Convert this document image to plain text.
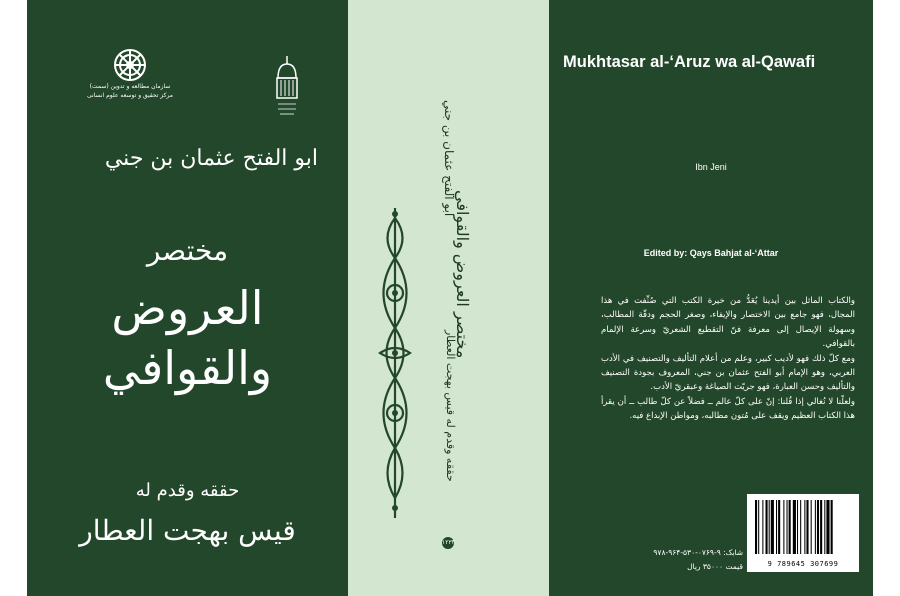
سازمان مطالعه و تدوین (سمت)
مرکز تحقیق و توسعه علوم انسانی
ابو الفتح عثمان بن جني
مختصر
العروض والقوافي
حققه وقدم له
قيس بهجت العطار
ابو الفتح عثمان بن جني
مختصر العروض والقوافي
حققه وقدم له قيس بهجت العطار
۱۲۳۴
Mukhtasar al-‘Aruz wa al-Qawafi
Ibn Jeni
Edited by: Qays Bahjat al-‘Attar

والكتاب الماثل بين أيدينا يُعَدُّ من خيرة الكتب التي صُنِّفت في هذا المجال، فهو جامع بين الاختصار والإيفاء، وصغر الحجم ودقّة المطالب، وسهولة الإيصال إلى معرفة فنّ التقطيع الشعريّ وسرعة الإلمام بالقوافي.

ومع كلّ ذلك فهو لأديب كبير، وعلم من أعلام التأليف والتصنيف في الأدب العربي، وهو الإمام أبو الفتح عثمان بن جني، المعروف بجودة التصنيف والتأليف وحسن العبارة، فهو جريّت الصياغة وعبقريّ الأدب.

ولعلّنا لا نُغالي إذا قُلنا: إنّ على كلّ عالم ــ فضلاً عن كلّ طالب ــ أن يقرأ هذا الكتاب العظيم ويقف على مُتون مطالبه، ومواطن الإبداع فيه.

شابک: ۹-۰۷۶۹-۵۳۰-۹۶۴-۹۷۸
قیمت ۳۵۰۰۰ ریال	9 789645 307699
